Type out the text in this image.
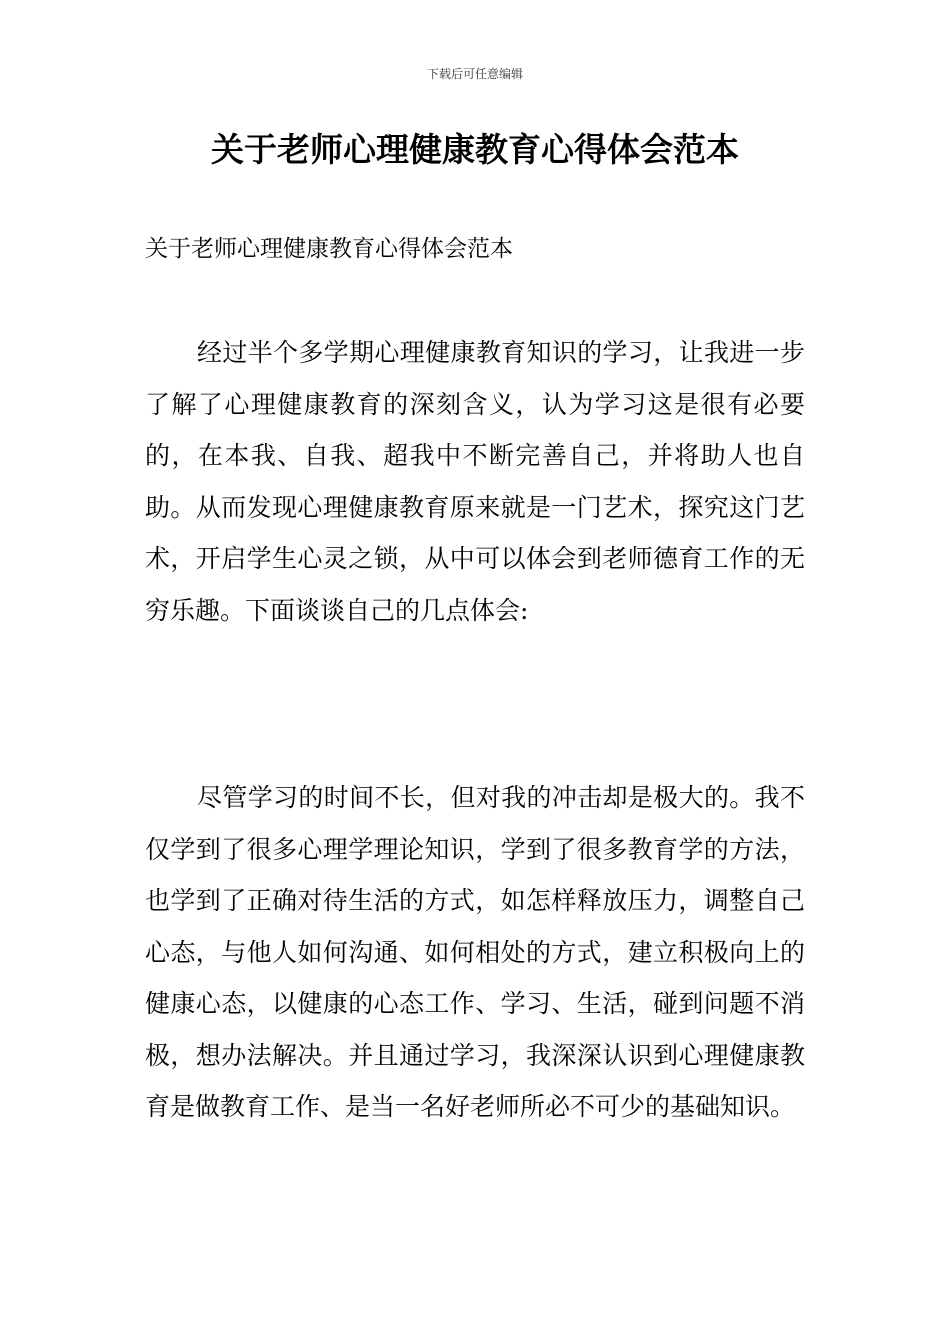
下载后可任意编辑
关于老师心理健康教育心得体会范本
关于老师心理健康教育心得体会范本

经过半个多学期心理健康教育知识的学习，让我进一步了解了心理健康教育的深刻含义，认为学习这是很有必要的，在本我、自我、超我中不断完善自己，并将助人也自助。从而发现心理健康教育原来就是一门艺术，探究这门艺术，开启学生心灵之锁，从中可以体会到老师德育工作的无穷乐趣。下面谈谈自己的几点体会:

尽管学习的时间不长，但对我的冲击却是极大的。我不仅学到了很多心理学理论知识，学到了很多教育学的方法，也学到了正确对待生活的方式，如怎样释放压力，调整自己心态，与他人如何沟通、如何相处的方式，建立积极向上的健康心态，以健康的心态工作、学习、生活，碰到问题不消极，想办法解决。并且通过学习，我深深认识到心理健康教育是做教育工作、是当一名好老师所必不可少的基础知识。
